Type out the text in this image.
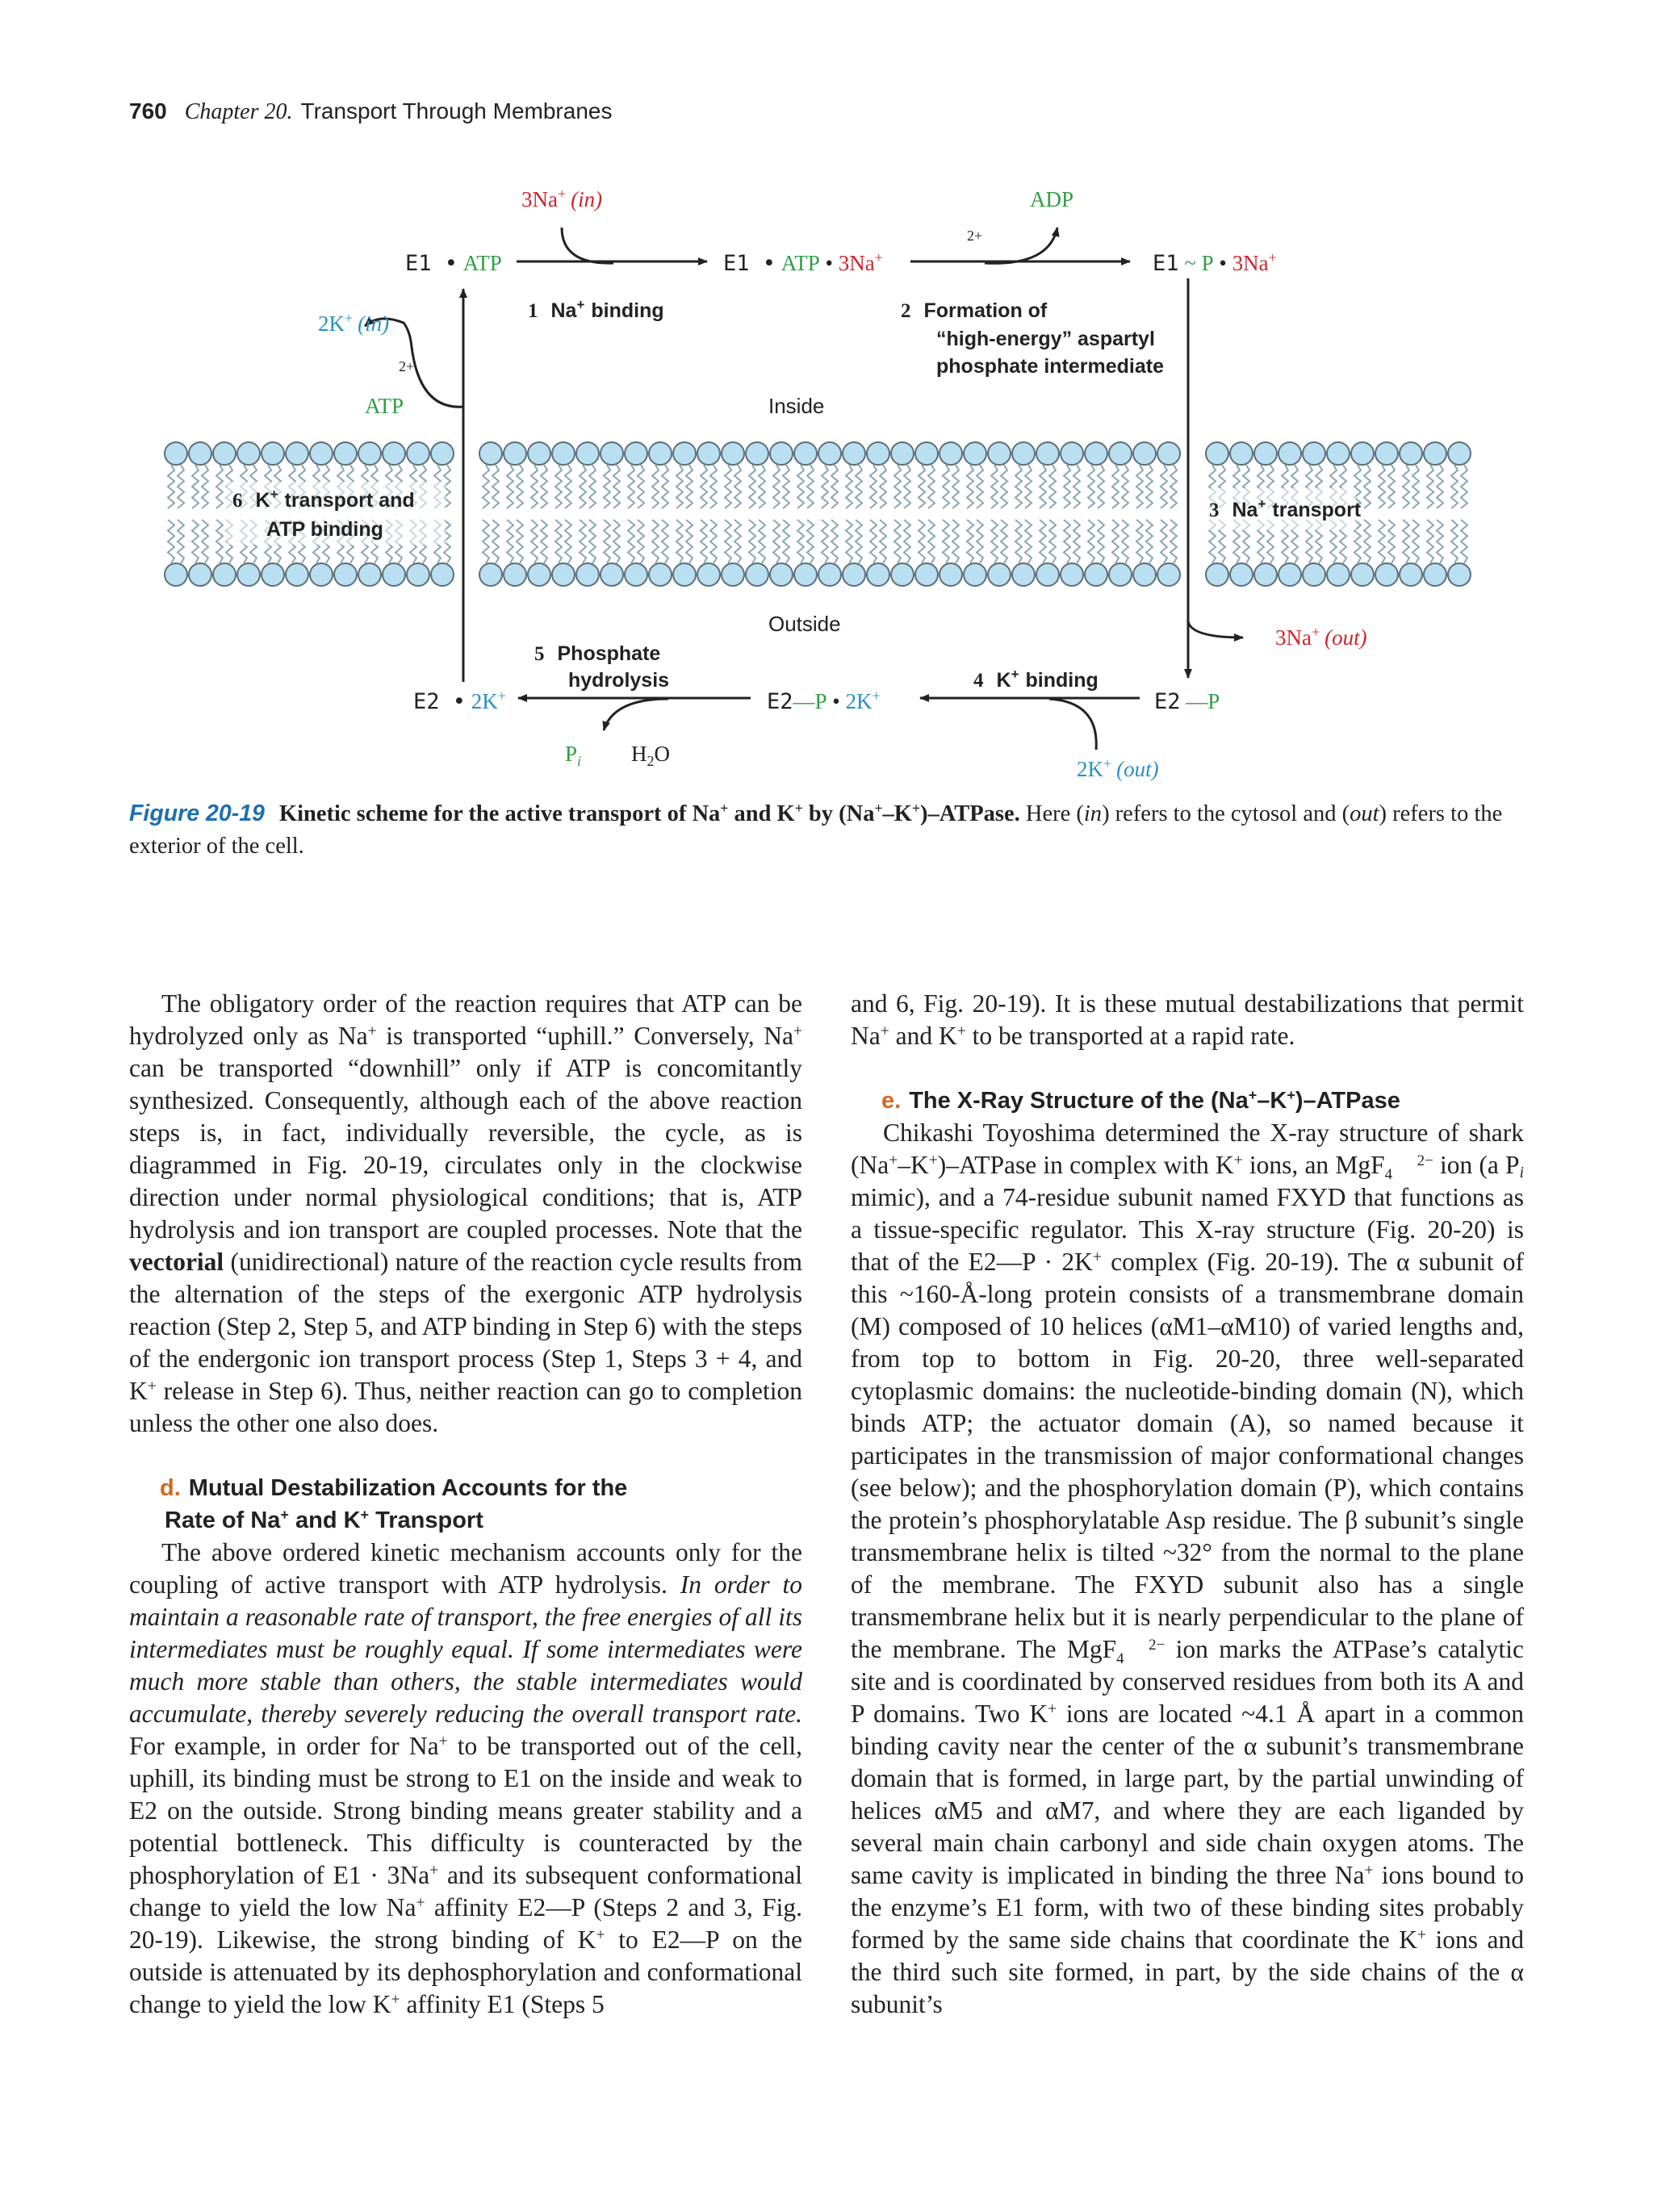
760 Chapter 20. Transport Through Membranes
E1 • ATP	E1 • ATP • 3Na+	E1 ~ P • 3Na+
E2 —P
E2—P • 2K+
E2 • 2K+
3Na+ (in)	ADP
$^{2+}$
2K+ (in)
$^{2+}$
ATP
3Na+ (out)
2K+ (out)
$P_i$ $H_2O$
Inside
Outside
1 Na+ binding	2 Formation of
“high-energy” aspartyl
phosphate intermediate
3 Na+ transport
4 K+ binding
5 Phosphate
hydrolysis
6 K+ transport and
ATP binding
Figure 20-19 Kinetic scheme for the active transport of Na+ and K+ by (Na+–K+)–ATPase. Here (in) refers to the cytosol and (out) refers to the exterior of the cell.

The obligatory order of the reaction requires that ATP can be hydrolyzed only as Na+ is transported “uphill.” Conversely, Na+ can be transported “downhill” only if ATP is concomitantly synthesized. Consequently, although each of the above reaction steps is, in fact, individually reversible, the cycle, as is diagrammed in Fig. 20-19, circulates only in the clockwise direction under normal physiological conditions; that is, ATP hydrolysis and ion transport are coupled processes. Note that the vectorial (unidirectional) nature of the reaction cycle results from the alternation of the steps of the exergonic ATP hydrolysis reaction (Step 2, Step 5, and ATP binding in Step 6) with the steps of the endergonic ion transport process (Step 1, Steps 3 + 4, and K+ release in Step 6). Thus, neither reaction can go to completion unless the other one also does.

d. Mutual Destabilization Accounts for the
Rate of Na+ and K+ Transport

The above ordered kinetic mechanism accounts only for the coupling of active transport with ATP hydrolysis. In order to maintain a reasonable rate of transport, the free energies of all its intermediates must be roughly equal. If some intermediates were much more stable than others, the stable intermediates would accumulate, thereby severely reducing the overall transport rate. For example, in order for Na+ to be transported out of the cell, uphill, its binding must be strong to E1 on the inside and weak to E2 on the outside. Strong binding means greater stability and a potential bottleneck. This difficulty is counteracted by the phosphorylation of E1 · 3Na+ and its subsequent conformational change to yield the low Na+ affinity E2—P (Steps 2 and 3, Fig. 20-19). Likewise, the strong binding of K+ to E2—P on the outside is attenuated by its dephosphorylation and conformational change to yield the low K+ affinity E1 (Steps 5

and 6, Fig. 20-19). It is these mutual destabilizations that permit Na+ and K+ to be transported at a rapid rate.

e. The X-Ray Structure of the (Na+–K+)–ATPase

Chikashi Toyoshima determined the X-ray structure of shark (Na+–K+)–ATPase in complex with K+ ions, an MgF 2−
4 ion (a $P_i$ mimic), and a 74-residue subunit named FXYD that functions as a tissue-specific regulator. This X-ray structure (Fig. 20-20) is that of the E2—P · 2K+ complex (Fig. 20-19). The α subunit of this ~160-Å-long protein consists of a transmembrane domain (M) composed of 10 helices (αM1–αM10) of varied lengths and, from top to bottom in Fig. 20-20, three well-separated cytoplasmic domains: the nucleotide-binding domain (N), which binds ATP; the actuator domain (A), so named because it participates in the transmission of major conformational changes (see below); and the phosphorylation domain (P), which contains the protein’s phosphorylatable Asp residue. The β subunit’s single transmembrane helix is tilted ~32° from the normal to the plane of the membrane. The FXYD subunit also has a single transmembrane helix but it is nearly perpendicular to the plane of the membrane. The MgF 2−
4 ion marks the ATPase’s catalytic site and is coordinated by conserved residues from both its A and P domains. Two K+ ions are located ~4.1 Å apart in a common binding cavity near the center of the α subunit’s transmembrane domain that is formed, in large part, by the partial unwinding of helices αM5 and αM7, and where they are each liganded by several main chain carbonyl and side chain oxygen atoms. The same cavity is implicated in binding the three Na+ ions bound to the enzyme’s E1 form, with two of these binding sites probably formed by the same side chains that coordinate the K+ ions and the third such site formed, in part, by the side chains of the α subunit’s
